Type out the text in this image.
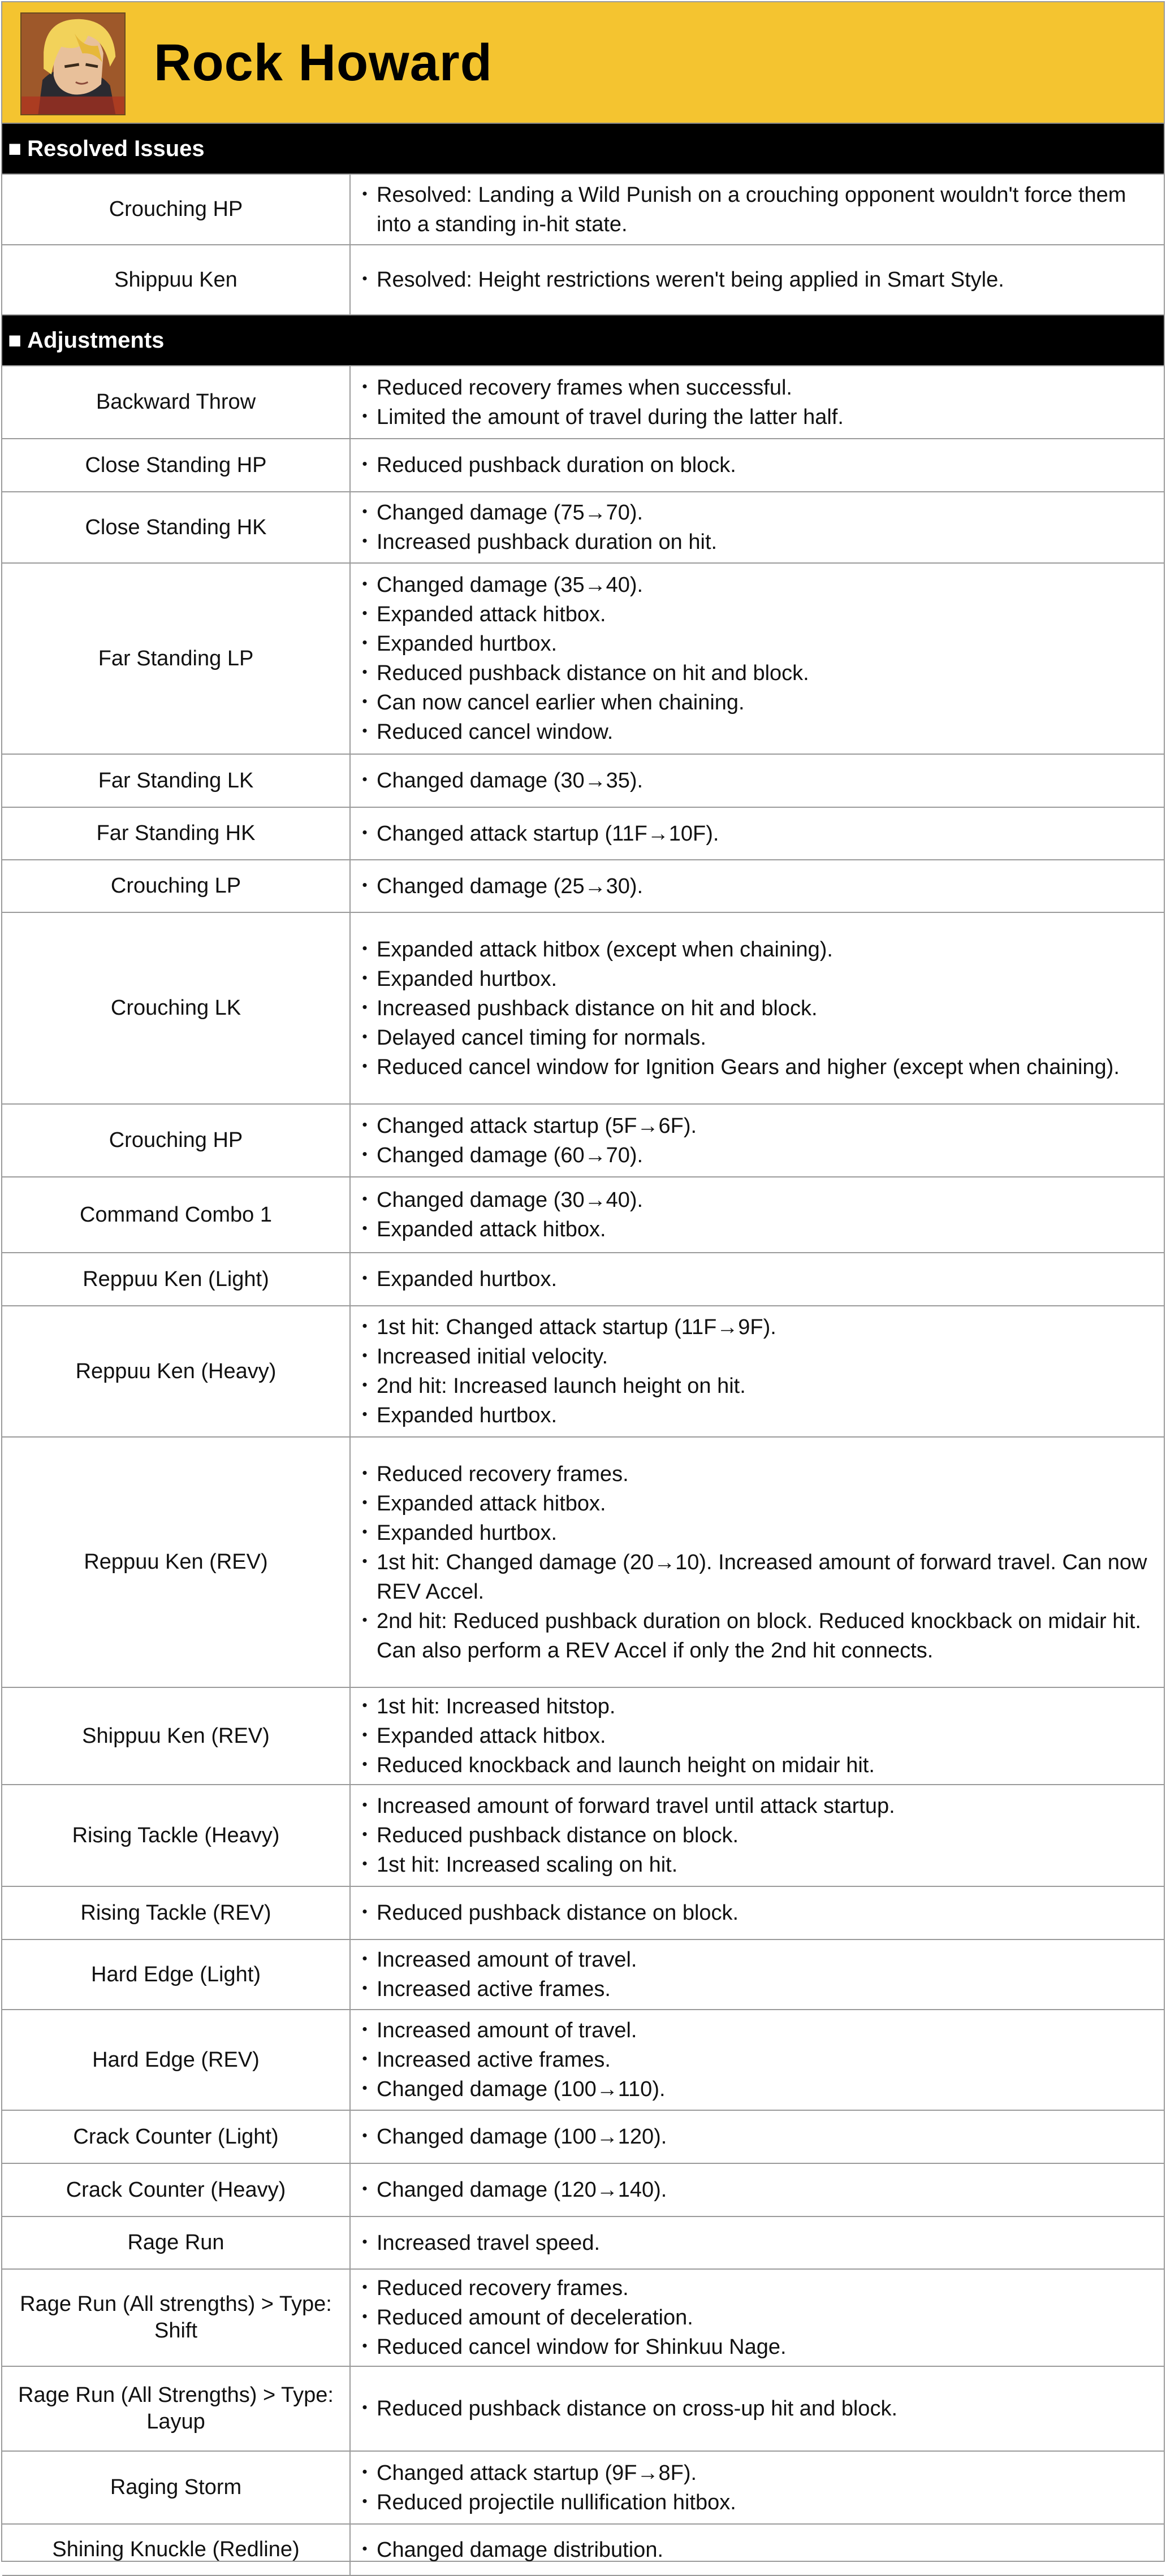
Rock Howard
■ Resolved Issues
Crouching HP
・ Resolved: Landing a Wild Punish on a crouching opponent wouldn't force them into a standing in-hit state.
Shippuu Ken	・ Resolved: Height restrictions weren't being applied in Smart Style.
■ Adjustments
Backward Throw
・ Reduced recovery frames when successful.
・ Limited the amount of travel during the latter half.
Close Standing HP	・ Reduced pushback duration on block.
Close Standing HK
・ Changed damage (75→70).
・ Increased pushback duration on hit.
Far Standing LP
・ Changed damage (35→40).
・ Expanded attack hitbox.
・ Expanded hurtbox.
・ Reduced pushback distance on hit and block.
・ Can now cancel earlier when chaining.
・ Reduced cancel window.
Far Standing LK	・ Changed damage (30→35).
Far Standing HK	・ Changed attack startup (11F→10F).
Crouching LP	・ Changed damage (25→30).
Crouching LK
・ Expanded attack hitbox (except when chaining).
・ Expanded hurtbox.
・ Increased pushback distance on hit and block.
・ Delayed cancel timing for normals.
・ Reduced cancel window for Ignition Gears and higher (except when chaining).
Crouching HP
・ Changed attack startup (5F→6F).
・ Changed damage (60→70).
Command Combo 1
・ Changed damage (30→40).
・ Expanded attack hitbox.
Reppuu Ken (Light)	・ Expanded hurtbox.
Reppuu Ken (Heavy)
・ 1st hit: Changed attack startup (11F→9F).
・ Increased initial velocity.
・ 2nd hit: Increased launch height on hit.
・ Expanded hurtbox.
Reppuu Ken (REV)
・ Reduced recovery frames.
・ Expanded attack hitbox.
・ Expanded hurtbox.
・ 1st hit: Changed damage (20→10). Increased amount of forward travel. Can now REV Accel.
・ 2nd hit: Reduced pushback duration on block. Reduced knockback on midair hit. Can also perform a REV Accel if only the 2nd hit connects.
Shippuu Ken (REV)
・ 1st hit: Increased hitstop.
・ Expanded attack hitbox.
・ Reduced knockback and launch height on midair hit.
Rising Tackle (Heavy)
・ Increased amount of forward travel until attack startup.
・ Reduced pushback distance on block.
・ 1st hit: Increased scaling on hit.
Rising Tackle (REV)	・ Reduced pushback distance on block.
Hard Edge (Light)
・ Increased amount of travel.
・ Increased active frames.
Hard Edge (REV)
・ Increased amount of travel.
・ Increased active frames.
・ Changed damage (100→110).
Crack Counter (Light)	・ Changed damage (100→120).
Crack Counter (Heavy)	・ Changed damage (120→140).
Rage Run	・ Increased travel speed.
Rage Run (All strengths) > Type: Shift
・ Reduced recovery frames.
・ Reduced amount of deceleration.
・ Reduced cancel window for Shinkuu Nage.
Rage Run (All Strengths) > Type: Layup
・ Reduced pushback distance on cross-up hit and block.
Raging Storm
・ Changed attack startup (9F→8F).
・ Reduced projectile nullification hitbox.
Shining Knuckle (Redline)	・ Changed damage distribution.
